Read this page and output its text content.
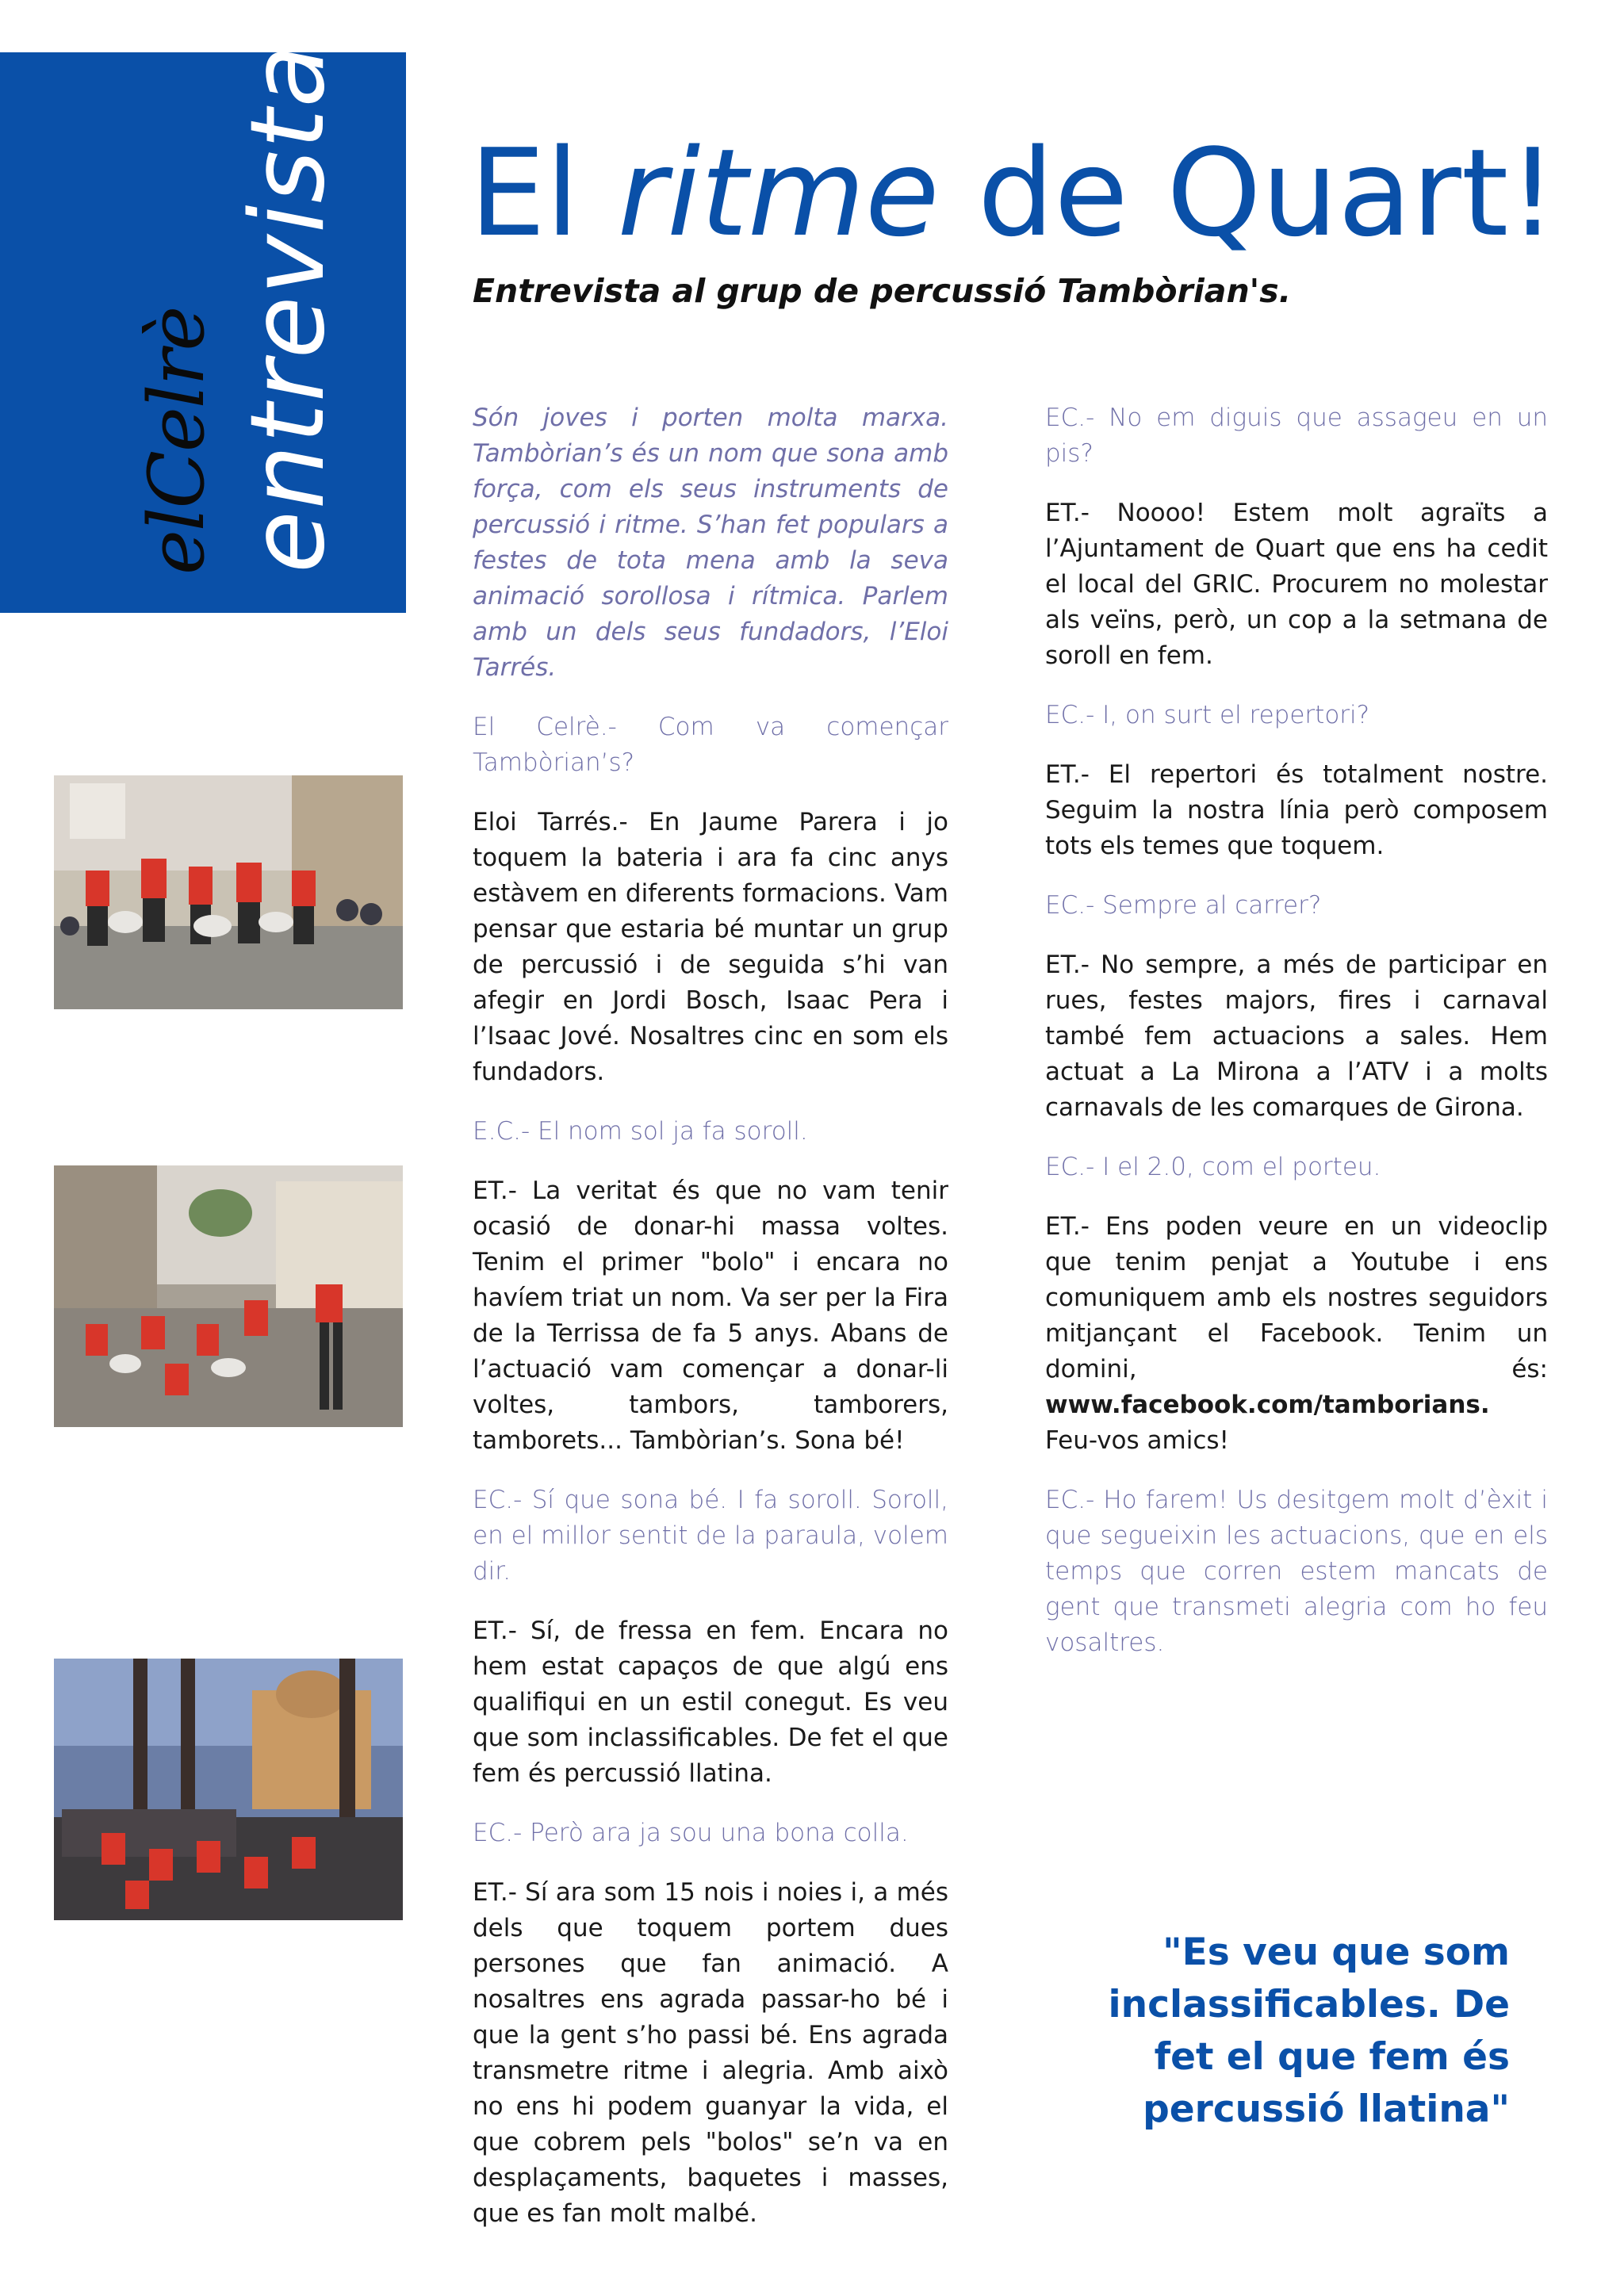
elCelrè entrevista El ritme de Quart!
Entrevista al grup de percussió Tambòrian's.

Són joves i porten molta marxa. Tambòrian’s és un nom que sona amb força, com els seus instruments de percussió i ritme. S’han fet populars a festes de tota mena amb la seva animació sorollosa i rítmica. Parlem amb un dels seus fundadors, l’Eloi Tarrés.

El Celrè.- Com va començar Tambòrian’s?

Eloi Tarrés.- En Jaume Parera i jo toquem la bateria i ara fa cinc anys estàvem en diferents formacions. Vam pensar que estaria bé muntar un grup de percussió i de seguida s’hi van afegir en Jordi Bosch, Isaac Pera i l’Isaac Jové. Nosaltres cinc en som els fundadors.

E.C.- El nom sol ja fa soroll.

ET.- La veritat és que no vam tenir ocasió de donar-hi massa voltes. Tenim el primer "bolo" i encara no havíem triat un nom. Va ser per la Fira de la Terrissa de fa 5 anys. Abans de l’actuació vam començar a donar-li voltes, tambors, tamborers, tamborets... Tambòrian’s. Sona bé!

EC.- Sí que sona bé. I fa soroll. Soroll, en el millor sentit de la paraula, volem dir.

ET.- Sí, de fressa en fem. Encara no hem estat capaços de que algú ens qualifiqui en un estil conegut. Es veu que som inclassificables. De fet el que fem és percussió llatina.

EC.- Però ara ja sou una bona colla.

ET.- Sí ara som 15 nois i noies i, a més dels que toquem portem dues persones que fan animació. A nosaltres ens agrada passar-ho bé i que la gent s’ho passi bé. Ens agrada transmetre ritme i alegria. Amb això no ens hi podem guanyar la vida, el que cobrem pels "bolos" se’n va en desplaçaments, baquetes i masses, que es fan molt malbé.

EC.- No em diguis que assageu en un pis?

ET.- Noooo! Estem molt agraïts a l’Ajuntament de Quart que ens ha cedit el local del GRIC. Procurem no molestar als veïns, però, un cop a la setmana de soroll en fem.

EC.- I, on surt el repertori?

ET.- El repertori és totalment nostre. Seguim la nostra línia però composem tots els temes que toquem.

EC.- Sempre al carrer?

ET.- No sempre, a més de participar en rues, festes majors, fires i carnaval també fem actuacions a sales. Hem actuat a La Mirona a l’ATV i a molts carnavals de les comarques de Girona.

EC.- I el 2.0, com el porteu.

ET.- Ens poden veure en un videoclip que tenim penjat a Youtube i ens comuniquem amb els nostres seguidors mitjançant el Facebook. Tenim un domini, és: www.facebook.com/tamborians. Feu-vos amics!

EC.- Ho farem! Us desitgem molt d’èxit i que segueixin les actuacions, que en els temps que corren estem mancats de gent que transmeti alegria com ho feu vosaltres.

"Es veu que som inclassificables. De fet el que fem és percussió llatina"
